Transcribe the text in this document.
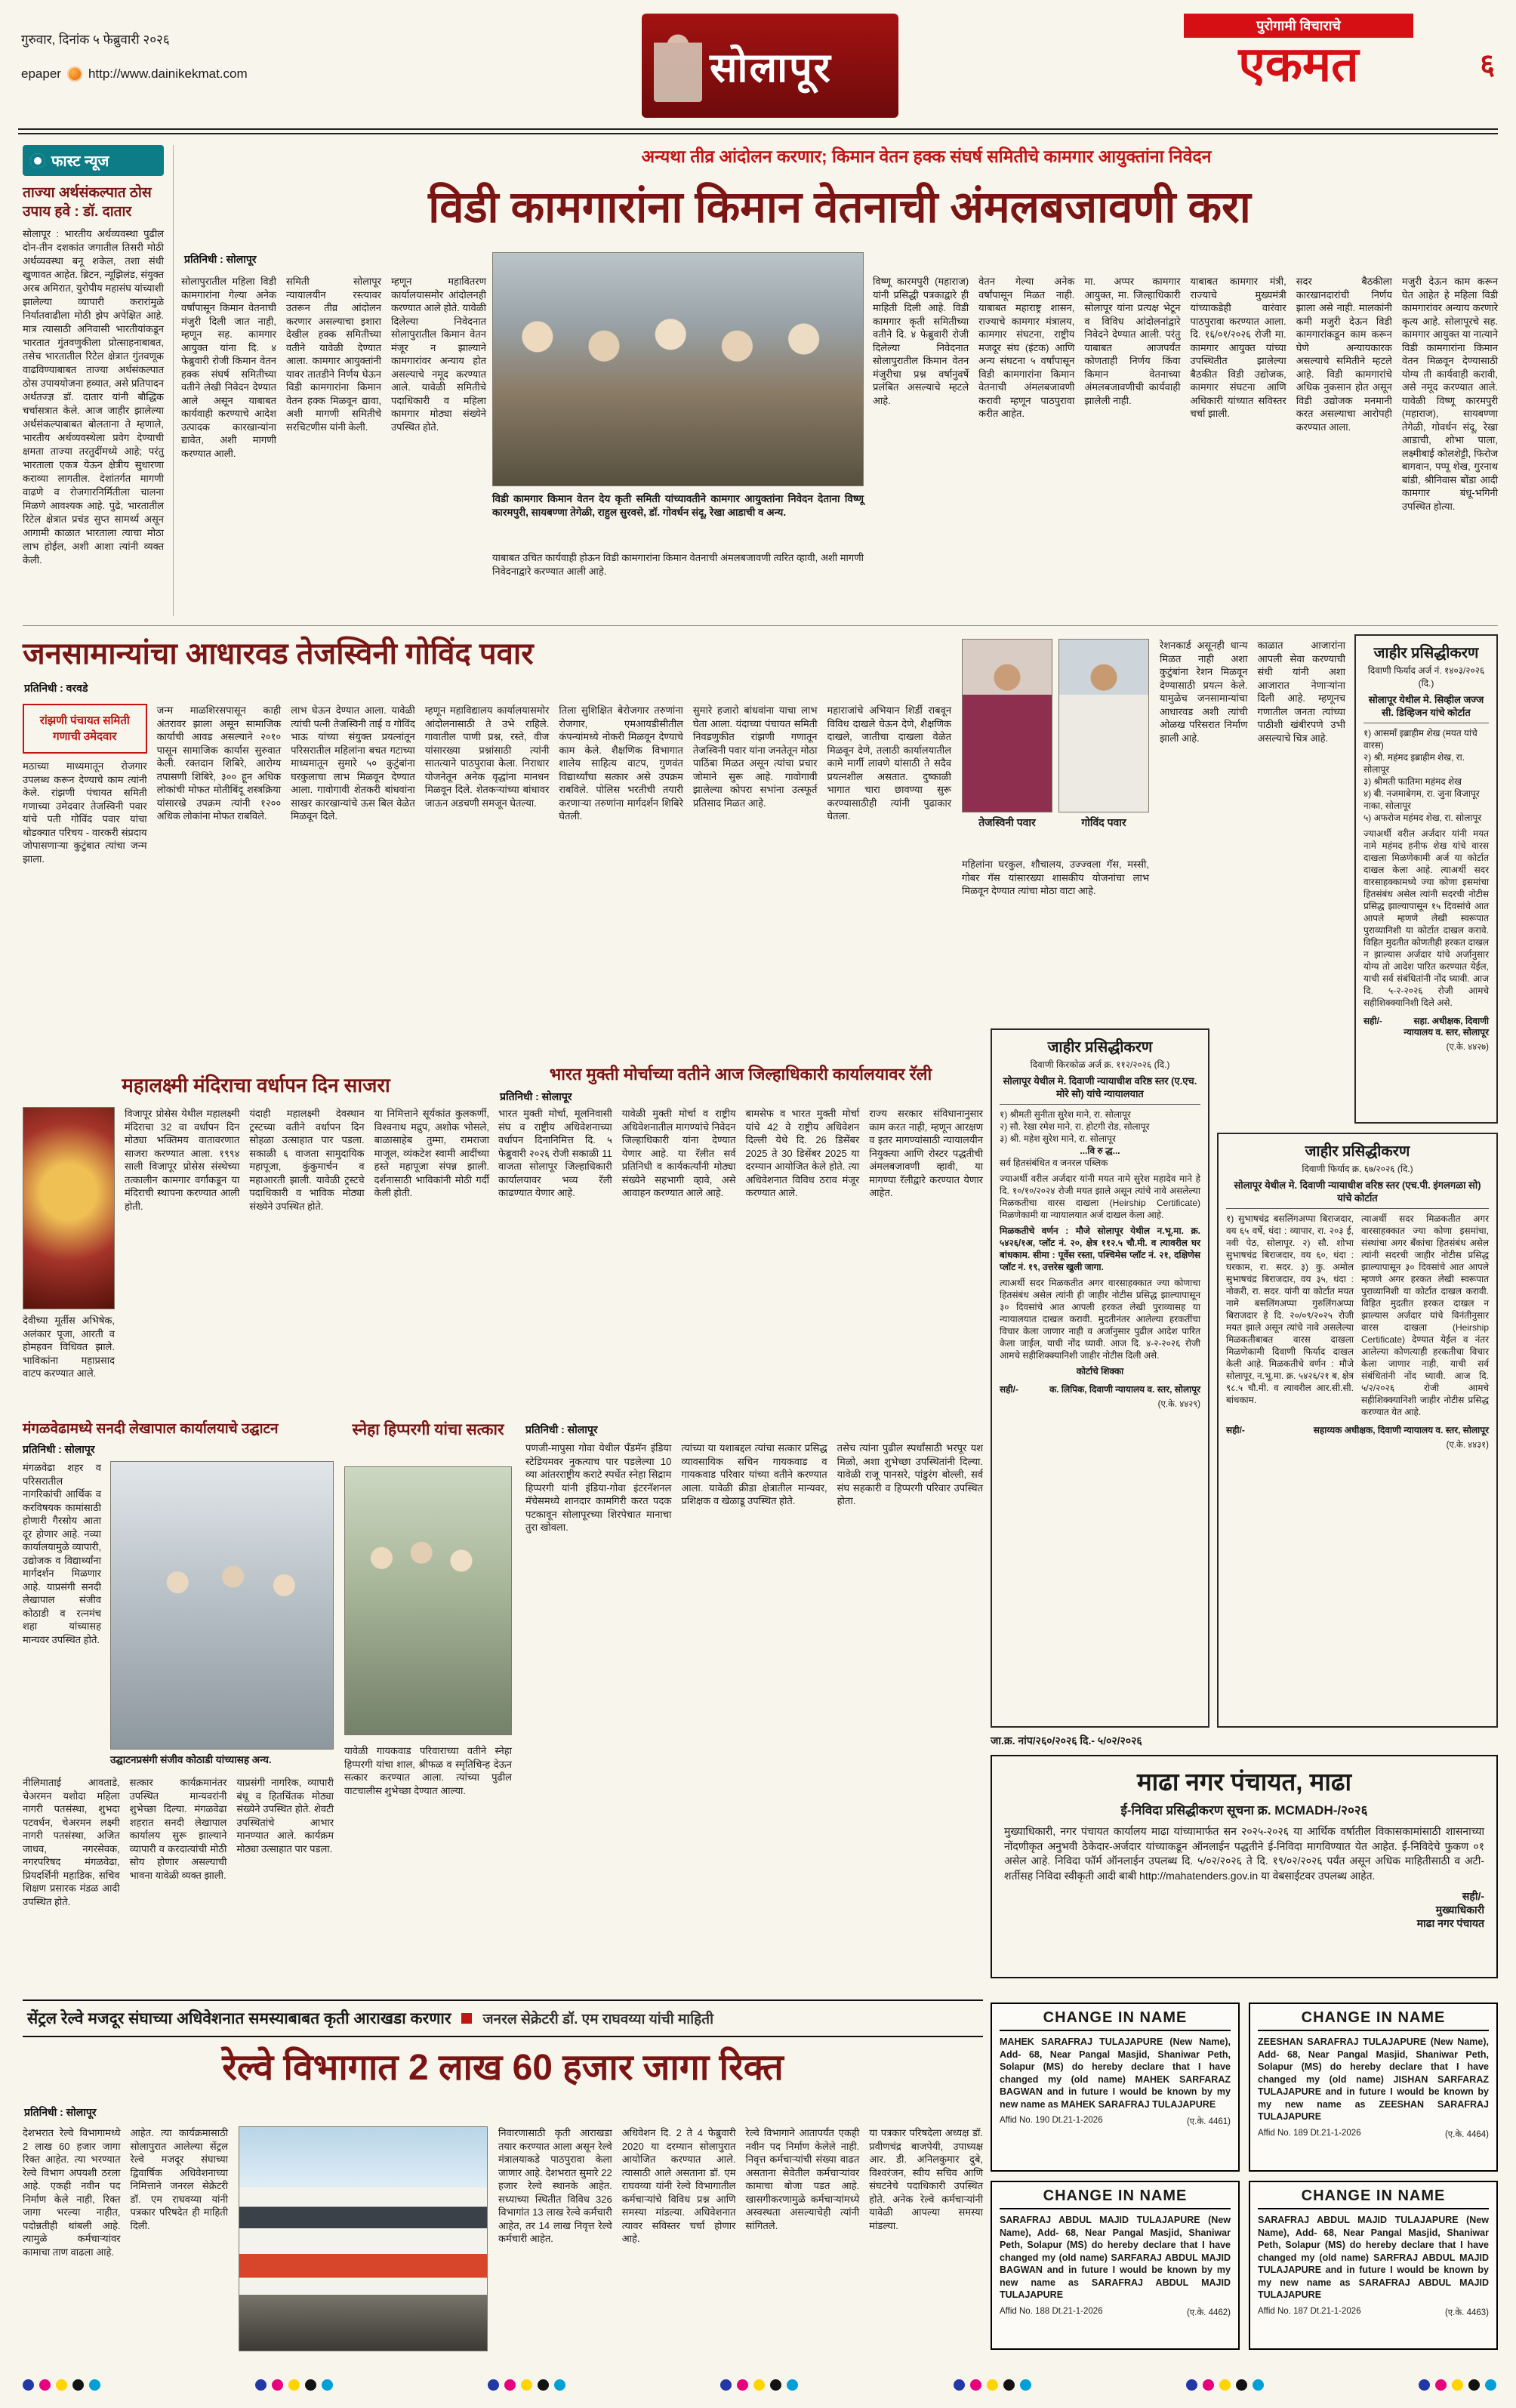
गुरुवार, दिनांक ५ फेब्रुवारी २०२६
epaper http://www.dainikekmat.com	सोलापूर
पुरोगामी विचाराचे
एकमत	६
अन्यथा तीव्र आंदोलन करणार; किमान वेतन हक्क संघर्ष समितीचे कामगार आयुक्तांना निवेदन
फास्ट न्यूज
ताज्या अर्थसंकल्पात ठोस उपाय हवे : डॉ. दातार
सोलापूर : भारतीय अर्थव्यवस्था पुढील दोन-तीन दशकांत जगातील तिसरी मोठी अर्थव्यवस्था बनू शकेल, तशा संधी खुणावत आहेत. ब्रिटन, न्यूझिलंड, संयुक्त अरब अमिरात, युरोपीय महासंघ यांच्याशी झालेल्या व्यापारी करारांमुळे निर्यातवाढीला मोठी झेप अपेक्षित आहे. मात्र त्यासाठी अनिवासी भारतीयांकडून भारतात गुंतवणुकीला प्रोत्साहनाबाबत, तसेच भारतातील रिटेल क्षेत्रात गुंतवणूक वाढविण्याबाबत ताज्या अर्थसंकल्पात ठोस उपाययोजना हव्यात, असे प्रतिपादन अर्थतज्ज्ञ डॉ. दातार यांनी बौद्धिक चर्चासत्रात केले. आज जाहीर झालेल्या अर्थसंकल्पाबाबत बोलताना ते म्हणाले, भारतीय अर्थव्यवस्थेला प्रवेग देण्याची क्षमता ताज्या तरतुदींमध्ये आहे; परंतु भारताला एकत्र येऊन क्षेत्रीय सुधारणा कराव्या लागतील. देशांतर्गत मागणी वाढणे व रोजगारनिर्मितीला चालना मिळणे आवश्यक आहे. पुढे, भारतातील रिटेल क्षेत्रात प्रचंड सुप्त सामर्थ्य असून आगामी काळात भारताला त्याचा मोठा लाभ होईल, अशी आशा त्यांनी व्यक्त केली.
विडी कामगारांना किमान वेतनाची अंमलबजावणी करा
प्रतिनिधी : सोलापूर
सोलापुरातील महिला विडी कामगारांना गेल्या अनेक वर्षांपासून किमान वेतनाची मंजुरी दिली जात नाही, म्हणून सह. कामगार आयुक्त यांना दि. ४ फेब्रुवारी रोजी किमान वेतन हक्क संघर्ष समितीच्या वतीने लेखी निवेदन देण्यात आले असून याबाबत कार्यवाही करण्याचे आदेश उत्पादक कारखान्यांना द्यावेत, अशी मागणी करण्यात आली.
समिती सोलापूर न्यायालयीन रस्त्यावर उतरून तीव्र आंदोलन करणार असल्याचा इशारा देखील हक्क समितीच्या वतीने यावेळी देण्यात आला. कामगार आयुक्तांनी यावर तातडीने निर्णय घेऊन विडी कामगारांना किमान वेतन हक्क मिळवून द्यावा, अशी मागणी समितीचे सरचिटणीस यांनी केली.
म्हणून महावितरण कार्यालयासमोर आंदोलनही करण्यात आले होते. यावेळी दिलेल्या निवेदनात सोलापुरातील किमान वेतन मंजूर न झाल्याने कामगारांवर अन्याय होत असल्याचे नमूद करण्यात आले. यावेळी समितीचे पदाधिकारी व महिला कामगार मोठ्या संख्येने उपस्थित होते.
विडी कामगार किमान वेतन देय कृती समिती यांच्यावतीने कामगार आयुक्तांना निवेदन देताना विष्णू कारमपुरी, सायबण्णा तेगेळी, राहुल सुरवसे, डॉ. गोवर्धन संदू, रेखा आडाची व अन्य.
याबाबत उचित कार्यवाही होऊन विडी कामगारांना किमान वेतनाची अंमलबजावणी त्वरित व्हावी, अशी मागणी निवेदनाद्वारे करण्यात आली आहे.
विष्णू कारमपुरी (महाराज) यांनी प्रसिद्धी पत्रकाद्वारे ही माहिती दिली आहे. विडी कामगार कृती समितीच्या वतीने दि. ४ फेब्रुवारी रोजी दिलेल्या निवेदनात सोलापुरातील किमान वेतन मंजुरीचा प्रश्न वर्षानुवर्षे प्रलंबित असल्याचे म्हटले आहे.
वेतन गेल्या अनेक वर्षांपासून मिळत नाही. याबाबत महाराष्ट्र शासन, राज्याचे कामगार मंत्रालय, कामगार संघटना, राष्ट्रीय मजदूर संघ (इंटक) आणि अन्य संघटना ५ वर्षांपासून विडी कामगारांना किमान वेतनाची अंमलबजावणी करावी म्हणून पाठपुरावा करीत आहेत.
मा. अप्पर कामगार आयुक्त, मा. जिल्हाधिकारी सोलापूर यांना प्रत्यक्ष भेटून व विविध आंदोलनांद्वारे निवेदने देण्यात आली. परंतु याबाबत आजपर्यंत कोणताही निर्णय किंवा किमान वेतनाच्या अंमलबजावणीची कार्यवाही झालेली नाही.
याबाबत कामगार मंत्री, राज्याचे मुख्यमंत्री यांच्याकडेही वारंवार पाठपुरावा करण्यात आला. दि. १६/०१/२०२६ रोजी मा. कामगार आयुक्त यांच्या उपस्थितीत झालेल्या बैठकीत विडी उद्योजक, कामगार संघटना आणि अधिकारी यांच्यात सविस्तर चर्चा झाली.
सदर बैठकीला कारखानदारांची निर्णय झाला असे नाही. मालकांनी कमी मजुरी देऊन विडी कामगारांकडून काम करून घेणे अन्यायकारक असल्याचे समितीने म्हटले आहे. विडी कामगारांचे अधिक नुकसान होत असून विडी उद्योजक मनमानी करत असल्याचा आरोपही करण्यात आला.
मजुरी देऊन काम करून घेत आहेत हे महिला विडी कामगारांवर अन्याय करणारे कृत्य आहे. सोलापूरचे सह. कामगार आयुक्त या नात्याने विडी कामगारांना किमान वेतन मिळवून देण्यासाठी योग्य ती कार्यवाही करावी, असे नमूद करण्यात आले. यावेळी विष्णू कारमपुरी (महाराज), सायबण्णा तेगेळी, गोवर्धन संदू, रेखा आडाची, शोभा पाला, लक्ष्मीबाई कोलशेट्टी, फिरोज बागवान, पप्पू शेख, गुरनाथ बांडी, श्रीनिवास बोंडा आदी कामगार बंधू-भगिनी उपस्थित होत्या.
जनसामान्यांचा आधारवड तेजस्विनी गोविंद पवार
प्रतिनिधी : वरवडे
रांझणी पंचायत समिती
गणाची उमेदवार
मठाच्या माध्यमातून रोजगार उपलब्ध करून देण्याचे काम त्यांनी केले. रांझणी पंचायत समिती गणाच्या उमेदवार तेजस्विनी पवार यांचे पती गोविंद पवार यांचा थोडक्यात परिचय - वारकरी संप्रदाय जोपासणाऱ्या कुटुंबात त्यांचा जन्म झाला.
जन्म माळशिरसपासून काही अंतरावर झाला असून सामाजिक कार्याची आवड असल्याने २०१० पासून सामाजिक कार्यास सुरुवात केली. रक्तदान शिबिरे, आरोग्य तपासणी शिबिरे, ३०० हून अधिक लोकांची मोफत मोतीबिंदू शस्त्रक्रिया यांसारखे उपक्रम त्यांनी १२०० अधिक लोकांना मोफत राबविले.
लाभ घेऊन देण्यात आला. यावेळी त्यांची पत्नी तेजस्विनी ताई व गोविंद भाऊ यांच्या संयुक्त प्रयत्नांतून परिसरातील महिलांना बचत गटाच्या माध्यमातून सुमारे ५० कुटुंबांना घरकुलाचा लाभ मिळवून देण्यात आला. गावोगावी शेतकरी बांधवांना साखर कारखान्यांचे ऊस बिल वेळेत मिळवून दिले.
म्हणून महाविद्यालय कार्यालयासमोर आंदोलनासाठी ते उभे राहिले. गावातील पाणी प्रश्न, रस्ते, वीज यांसारख्या प्रश्नांसाठी त्यांनी सातत्याने पाठपुरावा केला. निराधार योजनेतून अनेक वृद्धांना मानधन मिळवून दिले. शेतकऱ्यांच्या बांधावर जाऊन अडचणी समजून घेतल्या.
तिला सुशिक्षित बेरोजगार तरुणांना रोजगार, एमआयडीसीतील कंपन्यांमध्ये नोकरी मिळवून देण्याचे काम केले. शैक्षणिक विभागात शालेय साहित्य वाटप, गुणवंत विद्यार्थ्यांचा सत्कार असे उपक्रम राबविले. पोलिस भरतीची तयारी करणाऱ्या तरुणांना मार्गदर्शन शिबिरे घेतली.
सुमारे हजारो बांधवांना याचा लाभ घेता आला. यंदाच्या पंचायत समिती निवडणुकीत रांझणी गणातून तेजस्विनी पवार यांना जनतेतून मोठा पाठिंबा मिळत असून त्यांचा प्रचार जोमाने सुरू आहे. गावोगावी झालेल्या कोपरा सभांना उत्स्फूर्त प्रतिसाद मिळत आहे.
महाराजांचे अभियान शिर्डी राबवून विविध दाखले घेऊन देणे, शैक्षणिक दाखले, जातीचा दाखला वेळेत मिळवून देणे, तलाठी कार्यालयातील कामे मार्गी लावणे यांसाठी ते सदैव प्रयत्नशील असतात. दुष्काळी भागात चारा छावण्या सुरू करण्यासाठीही त्यांनी पुढाकार घेतला.
तेजस्विनी पवार	गोविंद पवार
महिलांना घरकुल, शौचालय, उज्ज्वला गॅस, मस्सी, गोबर गॅस यांसारख्या शासकीय योजनांचा लाभ मिळवून देण्यात त्यांचा मोठा वाटा आहे.
रेशनकार्ड असूनही धान्य मिळत नाही अशा कुटुंबांना रेशन मिळवून देण्यासाठी प्रयत्न केले. यामुळेच जनसामान्यांचा आधारवड अशी त्यांची ओळख परिसरात निर्माण झाली आहे.
काळात आजारांना आपली सेवा करण्याची संधी यांनी अशा आजारात नेणाऱ्यांना दिली आहे. म्हणूनच गणातील जनता त्यांच्या पाठीशी खंबीरपणे उभी असल्याचे चित्र आहे.
जाहीर प्रसिद्धीकरण
दिवाणी फिर्याद अर्ज नं. १४०३/२०२६ (दि.)
सोलापूर येथील मे. सिव्हील जज्ज सी. डिव्हिजन यांचे कोर्टात
१) आसमाँ इब्राहीम शेख (मयत यांचे वारस)
२) श्री. महंमद इब्राहीम शेख, रा. सोलापूर
३) श्रीमती फातिमा महंमद शेख
४) बी. नजमाबेगम, रा. जुना विजापूर नाका, सोलापूर
५) अफरोज महंमद शेख, रा. सोलापूर
ज्याअर्थी वरील अर्जदार यांनी मयत नामे महंमद हनीफ शेख यांचे वारस दाखला मिळणेकामी अर्ज या कोर्टात दाखल केला आहे. त्याअर्थी सदर वारसाहक्कामध्ये ज्या कोणा इसमांचा हितसंबंध असेल त्यांनी सदरची नोटीस प्रसिद्ध झाल्यापासून १५ दिवसांचे आत आपले म्हणणे लेखी स्वरूपात पुराव्यानिशी या कोर्टात दाखल करावे. विहित मुदतीत कोणतीही हरकत दाखल न झाल्यास अर्जदार यांचे अर्जानुसार योग्य तो आदेश पारित करण्यात येईल, याची सर्व संबंधितांनी नोंद घ्यावी. आज दि. ५-२-२०२६ रोजी आमचे सहीशिक्क्यानिशी दिले असे.
सही/-	सहा. अधीक्षक, दिवाणी न्यायालय व. स्तर, सोलापूर
(ए.के. ४४२७)
महालक्ष्मी मंदिराचा वर्धापन दिन साजरा
देवीच्या मूर्तीस अभिषेक, अलंकार पूजा, आरती व होमहवन विधिवत झाले. भाविकांना महाप्रसाद वाटप करण्यात आले.
विजापूर प्रोसेस येथील महालक्ष्मी मंदिराचा 32 वा वर्धापन दिन मोठ्या भक्तिमय वातावरणात साजरा करण्यात आला. १९९४ साली विजापूर प्रोसेस संस्थेच्या तत्कालीन कामगार वर्गाकडून या मंदिराची स्थापना करण्यात आली होती.
यंदाही महालक्ष्मी देवस्थान ट्रस्टच्या वतीने वर्धापन दिन सोहळा उत्साहात पार पडला. सकाळी ६ वाजता सामुदायिक महापूजा, कुंकुमार्चन व महाआरती झाली. यावेळी ट्रस्टचे पदाधिकारी व भाविक मोठ्या संख्येने उपस्थित होते.
या निमित्ताने सूर्यकांत कुलकर्णी, विश्वनाथ मद्रुप, अशोक भोसले, बाळासाहेब तुम्मा, रामराजा माजूल, व्यंकटेश स्वामी आदींच्या हस्ते महापूजा संपन्न झाली. दर्शनासाठी भाविकांनी मोठी गर्दी केली होती.
भारत मुक्ती मोर्चाच्या वतीने आज जिल्हाधिकारी कार्यालयावर रॅली
प्रतिनिधी : सोलापूर
भारत मुक्ती मोर्चा, मूलनिवासी संघ व राष्ट्रीय अधिवेशनाच्या वर्धापन दिनानिमित्त दि. ५ फेब्रुवारी २०२६ रोजी सकाळी 11 वाजता सोलापूर जिल्हाधिकारी कार्यालयावर भव्य रॅली काढण्यात येणार आहे.
यावेळी मुक्ती मोर्चा व राष्ट्रीय अधिवेशनातील मागण्यांचे निवेदन जिल्हाधिकारी यांना देण्यात येणार आहे. या रॅलीत सर्व प्रतिनिधी व कार्यकर्त्यांनी मोठ्या संख्येने सहभागी व्हावे, असे आवाहन करण्यात आले आहे.
बामसेफ व भारत मुक्ती मोर्चा यांचे 42 वे राष्ट्रीय अधिवेशन दिल्ली येथे दि. 26 डिसेंबर 2025 ते 30 डिसेंबर 2025 या दरम्यान आयोजित केले होते. त्या अधिवेशनात विविध ठराव मंजूर करण्यात आले.
राज्य सरकार संविधानानुसार काम करत नाही, म्हणून आरक्षण व इतर मागण्यांसाठी न्यायालयीन नियुक्त्या आणि रोस्टर पद्धतीची अंमलबजावणी व्हावी, या मागण्या रॅलीद्वारे करण्यात येणार आहेत.
जाहीर प्रसिद्धीकरण
दिवाणी किरकोळ अर्ज क्र. ११२/२०२६ (दि.)
सोलापूर येथील मे. दिवाणी न्यायाधीश वरिष्ठ स्तर (ए.एच. मोरे सो) यांचे न्यायालयात
१) श्रीमती सुनीता सुरेश माने, रा. सोलापूर
२) सौ. रेखा रमेश माने, रा. होटगी रोड, सोलापूर
३) श्री. महेश सुरेश माने, रा. सोलापूर
...वि रु द्ध...
सर्व हितसंबंधित व जनरल पब्लिक
ज्याअर्थी वरील अर्जदार यांनी मयत नामे सुरेश महादेव माने हे दि. १०/१०/२०२४ रोजी मयत झाले असून त्यांचे नावे असलेल्या मिळकतीचा वारस दाखला (Heirship Certificate) मिळणेकामी या न्यायालयात अर्ज दाखल केला आहे.
मिळकतीचे वर्णन : मौजे सोलापूर येथील न.भू.मा. क्र. ५४२६/१अ, प्लॉट नं. २०, क्षेत्र ११२.५ चौ.मी. व त्यावरील घर बांधकाम. सीमा : पूर्वेस रस्ता, पश्चिमेस प्लॉट नं. २१, दक्षिणेस प्लॉट नं. १९, उत्तरेस खुली जागा.
त्याअर्थी सदर मिळकतीत अगर वारसाहक्कात ज्या कोणाचा हितसंबंध असेल त्यांनी ही जाहीर नोटीस प्रसिद्ध झाल्यापासून ३० दिवसांचे आत आपली हरकत लेखी पुराव्यासह या न्यायालयात दाखल करावी. मुदतीनंतर आलेल्या हरकतींचा विचार केला जाणार नाही व अर्जानुसार पुढील आदेश पारित केला जाईल, याची नोंद घ्यावी. आज दि. ४-२-२०२६ रोजी आमचे सहीशिक्क्यानिशी जाहीर नोटीस दिली असे.
कोर्टाचे शिक्का
सही/-	क. लिपिक, दिवाणी न्यायालय व. स्तर, सोलापूर
(ए.के. ४४२९)
जाहीर प्रसिद्धीकरण
दिवाणी फिर्याद क्र. ६७/२०२६ (दि.)
सोलापूर येथील मे. दिवाणी न्यायाधीश वरिष्ठ स्तर (एच.पी. इंगलगळा सो) यांचे कोर्टात
१) सुभाषचंद्र बसलिंगअप्पा बिराजदार, वय ६५ वर्षे, धंदा : व्यापार, रा. २०३ ई, नवी पेठ, सोलापूर. २) सौ. शोभा सुभाषचंद्र बिराजदार, वय ६०, धंदा : घरकाम, रा. सदर. ३) कु. अमोल सुभाषचंद्र बिराजदार, वय ३५, धंदा : नोकरी, रा. सदर. यांनी या कोर्टात मयत नामे बसलिंगअप्पा गुरुलिंगअप्पा बिराजदार हे दि. २०/०९/२०२५ रोजी मयत झाले असून त्यांचे नावे असलेल्या मिळकतीबाबत वारस दाखला मिळणेकामी दिवाणी फिर्याद दाखल केली आहे. मिळकतीचे वर्णन : मौजे सोलापूर, न.भू.मा. क्र. ५४२६/२१ ब, क्षेत्र ९८.५ चौ.मी. व त्यावरील आर.सी.सी. बांधकाम.
त्याअर्थी सदर मिळकतीत अगर वारसाहक्कात ज्या कोणा इसमांचा, संस्थांचा अगर बँकांचा हितसंबंध असेल त्यांनी सदरची जाहीर नोटीस प्रसिद्ध झाल्यापासून ३० दिवसांचे आत आपले म्हणणे अगर हरकत लेखी स्वरूपात पुराव्यानिशी या कोर्टात दाखल करावी. विहित मुदतीत हरकत दाखल न झाल्यास अर्जदार यांचे विनंतीनुसार वारस दाखला (Heirship Certificate) देण्यात येईल व नंतर आलेल्या कोणत्याही हरकतीचा विचार केला जाणार नाही, याची सर्व संबंधितांनी नोंद घ्यावी. आज दि. ५/२/२०२६ रोजी आमचे सहीशिक्क्यानिशी जाहीर नोटीस प्रसिद्ध करण्यात येत आहे.
सही/-	सहाय्यक अधीक्षक, दिवाणी न्यायालय व. स्तर, सोलापूर
(ए.के. ४४३१)
मंगळवेढामध्ये सनदी लेखापाल कार्यालयाचे उद्घाटन
प्रतिनिधी : सोलापूर
मंगळवेढा शहर व परिसरातील नागरिकांची आर्थिक व करविषयक कामांसाठी होणारी गैरसोय आता दूर होणार आहे. नव्या कार्यालयामुळे व्यापारी, उद्योजक व विद्यार्थ्यांना मार्गदर्शन मिळणार आहे. याप्रसंगी सनदी लेखापाल संजीव कोठाडी व रत्नमंच शहा यांच्यासह मान्यवर उपस्थित होते.
उद्घाटनप्रसंगी संजीव कोठाडी यांच्यासह अन्य.
नीलिमाताई आवताडे, चेअरमन यशोदा महिला नागरी पतसंस्था, शुभदा पटवर्धन, चेअरमन लक्ष्मी नागरी पतसंस्था, अजित जाधव, नगरसेवक, नगरपरिषद मंगळवेढा, प्रियदर्शिनी महाडिक, सचिव शिक्षण प्रसारक मंडळ आदी उपस्थित होते.
सत्कार कार्यक्रमानंतर उपस्थित मान्यवरांनी शुभेच्छा दिल्या. मंगळवेढा शहरात सनदी लेखापाल कार्यालय सुरू झाल्याने व्यापारी व करदात्यांची मोठी सोय होणार असल्याची भावना यावेळी व्यक्त झाली.
याप्रसंगी नागरिक, व्यापारी बंधू व हितचिंतक मोठ्या संख्येने उपस्थित होते. शेवटी उपस्थितांचे आभार मानण्यात आले. कार्यक्रम मोठ्या उत्साहात पार पडला.
स्नेहा हिप्परगी यांचा सत्कार
यावेळी गायकवाड परिवाराच्या वतीने स्नेहा हिप्परगी यांचा शाल, श्रीफळ व स्मृतिचिन्ह देऊन सत्कार करण्यात आला. त्यांच्या पुढील वाटचालीस शुभेच्छा देण्यात आल्या.
प्रतिनिधी : सोलापूर
पणजी-मापुसा गोवा येथील पँडमॅन इंडिया स्टेडियमवर नुकत्याच पार पडलेल्या 10 व्या आंतरराष्ट्रीय कराटे स्पर्धेत स्नेहा सिद्राम हिप्परगी यांनी इंडिया-गोवा इंटरनॅशनल मॅचेसमध्ये शानदार कामगिरी करत पदक पटकावून सोलापूरच्या शिरपेचात मानाचा तुरा खोवला.
त्यांच्या या यशाबद्दल त्यांचा सत्कार प्रसिद्ध व्यावसायिक सचिन गायकवाड व गायकवाड परिवार यांच्या वतीने करण्यात आला. यावेळी क्रीडा क्षेत्रातील मान्यवर, प्रशिक्षक व खेळाडू उपस्थित होते.
तसेच त्यांना पुढील स्पर्धांसाठी भरपूर यश मिळो, अशा शुभेच्छा उपस्थितांनी दिल्या. यावेळी राजू पानसरे, पांडुरंग बोल्ली, सर्व संघ सहकारी व हिप्परगी परिवार उपस्थित होता.
जा.क्र. नांप/२६०/२०२६ दि.- ५/०२/२०२६
माढा नगर पंचायत, माढा
ई-निविदा प्रसिद्धीकरण सूचना क्र. MCMADH-/२०२६
मुख्याधिकारी, नगर पंचायत कार्यालय माढा यांच्यामार्फत सन २०२५-२०२६ या आर्थिक वर्षातील विकासकामांसाठी शासनाच्या नोंदणीकृत अनुभवी ठेकेदार-अर्जदार यांच्याकडून ऑनलाईन पद्धतीने ई-निविदा मागविण्यात येत आहेत. ई-निविदेचे फुकण ०१ असेल आहे. निविदा फॉर्म ऑनलाईन उपलब्ध दि. ५/०२/२०२६ ते दि. १९/०२/२०२६ पर्यंत असून अधिक माहितीसाठी व अटी-शर्तीसह निविदा स्वीकृती आदी बाबी http://mahatenders.gov.in या वेबसाईटवर उपलब्ध आहेत.
सही/-
मुख्याधिकारी
माढा नगर पंचायत
सेंट्रल रेल्वे मजदूर संघाच्या अधिवेशनात समस्याबाबत कृती आराखडा करणार जनरल सेक्रेटरी डॉ. एम राघवय्या यांची माहिती
रेल्वे विभागात 2 लाख 60 हजार जागा रिक्त
प्रतिनिधी : सोलापूर
देशभरात रेल्वे विभागामध्ये 2 लाख 60 हजार जागा रिक्त आहेत. त्या भरण्यात रेल्वे विभाग अपयशी ठरला आहे. एकही नवीन पद निर्माण केले नाही, रिक्त जागा भरल्या नाहीत, पदोन्नतीही थांबली आहे. त्यामुळे कर्मचाऱ्यांवर कामाचा ताण वाढला आहे.
आहेत. त्या कार्यक्रमासाठी सोलापुरात आलेल्या सेंट्रल रेल्वे मजदूर संघाच्या द्विवार्षिक अधिवेशनाच्या निमित्ताने जनरल सेक्रेटरी डॉ. एम राघवय्या यांनी पत्रकार परिषदेत ही माहिती दिली.
निवारणासाठी कृती आराखडा तयार करण्यात आला असून रेल्वे मंत्रालयाकडे पाठपुरावा केला जाणार आहे. देशभरात सुमारे 22 हजार रेल्वे स्थानके आहेत. सध्याच्या स्थितीत विविध 326 विभागांत 13 लाख रेल्वे कर्मचारी आहेत, तर 14 लाख निवृत्त रेल्वे कर्मचारी आहेत.
अधिवेशन दि. 2 ते 4 फेब्रुवारी 2020 या दरम्यान सोलापुरात आयोजित करण्यात आले. त्यासाठी आले असताना डॉ. एम राघवय्या यांनी रेल्वे विभागातील कर्मचाऱ्यांचे विविध प्रश्न आणि समस्या मांडल्या. अधिवेशनात त्यावर सविस्तर चर्चा होणार आहे.
रेल्वे विभागाने आतापर्यंत एकही नवीन पद निर्माण केलेले नाही. निवृत्त कर्मचाऱ्यांची संख्या वाढत असताना सेवेतील कर्मचाऱ्यांवर कामाचा बोजा पडत आहे. खासगीकरणामुळे कर्मचाऱ्यांमध्ये अस्वस्थता असल्याचेही त्यांनी सांगितले.
या पत्रकार परिषदेला अध्यक्ष डॉ. प्रवीणचंद्र बाजपेयी, उपाध्यक्ष आर. डी. अनिलकुमार दुबे, विश्वरंजन, स्वीय सचिव आणि संघटनेचे पदाधिकारी उपस्थित होते. अनेक रेल्वे कर्मचाऱ्यांनी यावेळी आपल्या समस्या मांडल्या.
CHANGE IN NAME
MAHEK SARAFRAJ TULAJAPURE (New Name), Add- 68, Near Pangal Masjid, Shaniwar Peth, Solapur (MS) do hereby declare that I have changed my (old name) MAHEK SARFARAZ BAGWAN and in future I would be known by my new name as MAHEK SARAFRAJ TULAJAPURE
Affid No. 190 Dt.21-1-2026	(ए.के. 4461)
CHANGE IN NAME
ZEESHAN SARAFRAJ TULAJAPURE (New Name), Add- 68, Near Pangal Masjid, Shaniwar Peth, Solapur (MS) do hereby declare that I have changed my (old name) JISHAN SARFARAZ TULAJAPURE and in future I would be known by my new name as ZEESHAN SARAFRAJ TULAJAPURE
Affid No. 189 Dt.21-1-2026	(ए.के. 4464)
CHANGE IN NAME
SARAFRAJ ABDUL MAJID TULAJAPURE (New Name), Add- 68, Near Pangal Masjid, Shaniwar Peth, Solapur (MS) do hereby declare that I have changed my (old name) SARFARAJ ABDUL MAJID BAGWAN and in future I would be known by my new name as SARAFRAJ ABDUL MAJID TULAJAPURE
Affid No. 188 Dt.21-1-2026	(ए.के. 4462)
CHANGE IN NAME
SARAFRAJ ABDUL MAJID TULAJAPURE (New Name), Add- 68, Near Pangal Masjid, Shaniwar Peth, Solapur (MS) do hereby declare that I have changed my (old name) SARFRAJ ABDUL MAJID TULAJAPURE and in future I would be known by my new name as SARAFRAJ ABDUL MAJID TULAJAPURE
Affid No. 187 Dt.21-1-2026	(ए.के. 4463)
